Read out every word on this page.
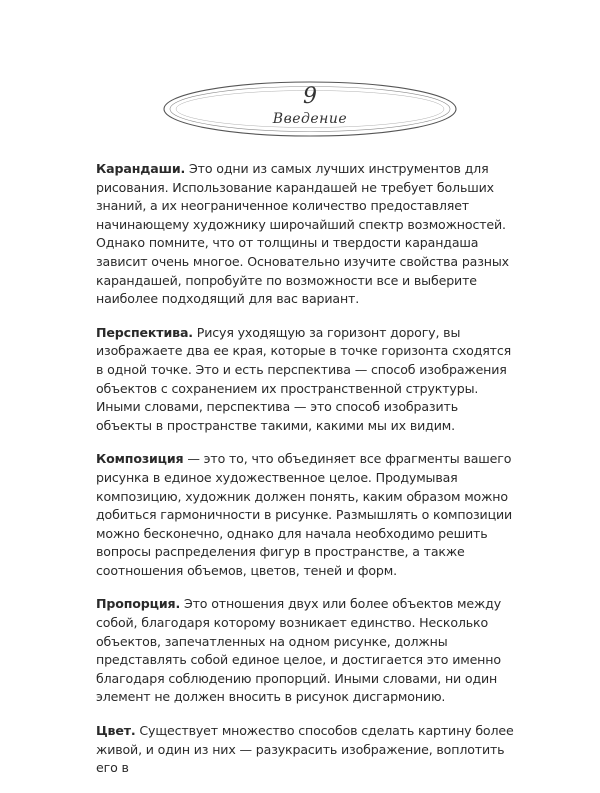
9
Введение

Карандаши. Это одни из самых лучших инструментов для рисования. Использование карандашей не требует больших знаний, а их неограниченное количество предоставляет начинающему художнику широчайший спектр возможностей. Однако помните, что от толщины и твердости карандаша зависит очень многое. Основательно изучите свойства разных карандашей, попробуйте по возможности все и выберите наиболее подходящий для вас вариант.

Перспектива. Рисуя уходящую за горизонт дорогу, вы изображаете два ее края, которые в точке горизонта сходятся в одной точке. Это и есть перспектива — способ изображения объектов с сохранением их пространственной структуры. Иными словами, перспектива — это способ изобразить объекты в пространстве такими, какими мы их видим.

Композиция — это то, что объединяет все фрагменты вашего рисунка в единое художественное целое. Продумывая композицию, художник должен понять, каким образом можно добиться гармоничности в рисунке. Размышлять о композиции можно бесконечно, однако для начала необходимо решить вопросы распределения фигур в пространстве, а также соотношения объемов, цветов, теней и форм.

Пропорция. Это отношения двух или более объектов между собой, благодаря которому возникает единство. Несколько объектов, запечатленных на одном рисунке, должны представлять собой единое целое, и достигается это именно благодаря соблюдению пропорций. Иными словами, ни один элемент не должен вносить в рисунок дисгармонию.

Цвет. Существует множество способов сделать картину более живой, и один из них — разукрасить изображение, воплотить его в
